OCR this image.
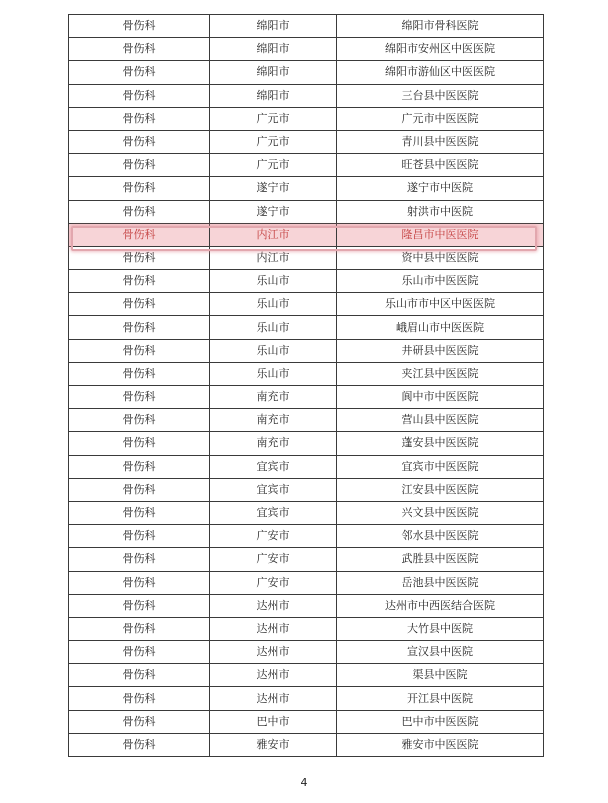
骨伤科	绵阳市	绵阳市骨科医院
骨伤科	绵阳市	绵阳市安州区中医医院
骨伤科	绵阳市	绵阳市游仙区中医医院
骨伤科	绵阳市	三台县中医医院
骨伤科	广元市	广元市中医医院
骨伤科	广元市	青川县中医医院
骨伤科	广元市	旺苍县中医医院
骨伤科	遂宁市	遂宁市中医院
骨伤科	遂宁市	射洪市中医院
骨伤科	内江市	隆昌市中医医院
骨伤科	内江市	资中县中医医院
骨伤科	乐山市	乐山市中医医院
骨伤科	乐山市	乐山市市中区中医医院
骨伤科	乐山市	峨眉山市中医医院
骨伤科	乐山市	井研县中医医院
骨伤科	乐山市	夹江县中医医院
骨伤科	南充市	阆中市中医医院
骨伤科	南充市	营山县中医医院
骨伤科	南充市	蓬安县中医医院
骨伤科	宜宾市	宜宾市中医医院
骨伤科	宜宾市	江安县中医医院
骨伤科	宜宾市	兴文县中医医院
骨伤科	广安市	邻水县中医医院
骨伤科	广安市	武胜县中医医院
骨伤科	广安市	岳池县中医医院
骨伤科	达州市	达州市中西医结合医院
骨伤科	达州市	大竹县中医院
骨伤科	达州市	宣汉县中医院
骨伤科	达州市	渠县中医院
骨伤科	达州市	开江县中医院
骨伤科	巴中市	巴中市中医医院
骨伤科	雅安市	雅安市中医医院
4
